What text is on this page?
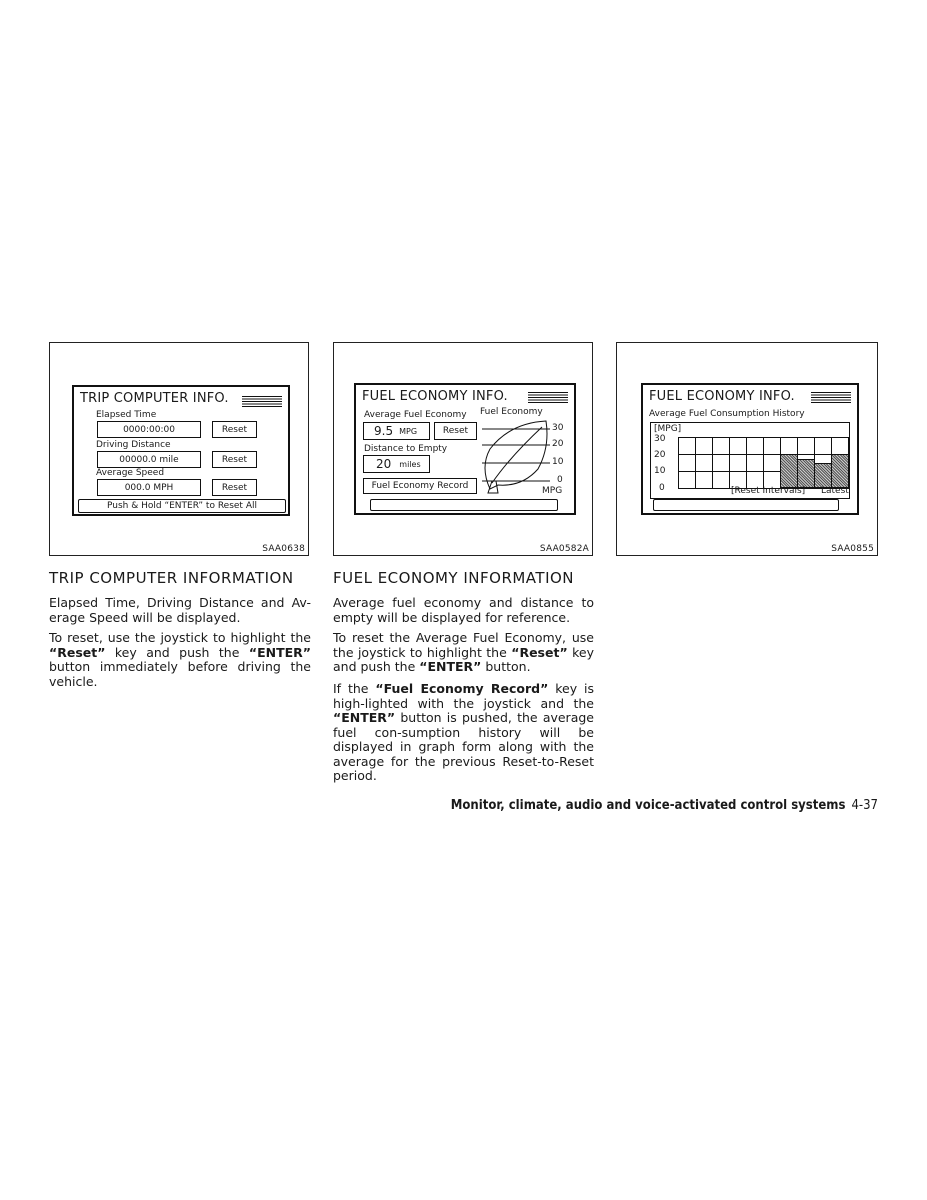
TRIP COMPUTER INFO.
Elapsed Time
0000:00:00	Reset
Driving Distance
00000.0 mile	Reset
Average Speed
000.0 MPH	Reset
Push & Hold “ENTER” to Reset All
SAA0638
FUEL ECONOMY INFO.
Average Fuel Economy
9.5 MPG	Reset
Distance to Empty
20 miles
Fuel Economy Record
Fuel Economy
30
20
10
0
MPG
SAA0582A
FUEL ECONOMY INFO.
Average Fuel Consumption History
[MPG]
30
20
10
0	[Reset Intervals] Latest
SAA0855
TRIP COMPUTER INFORMATION

Elapsed Time, Driving Distance and Av-erage Speed will be displayed.

To reset, use the joystick to highlight the “Reset” key and push the “ENTER” button immediately before driving the vehicle.

FUEL ECONOMY INFORMATION

Average fuel economy and distance to empty will be displayed for reference.

To reset the Average Fuel Economy, use the joystick to highlight the “Reset” key and push the “ENTER” button.

If the “Fuel Economy Record” key is high-lighted with the joystick and the “ENTER” button is pushed, the average fuel con-sumption history will be displayed in graph form along with the average for the previous Reset-to-Reset period.

Monitor, climate, audio and voice-activated control systems 4-37
